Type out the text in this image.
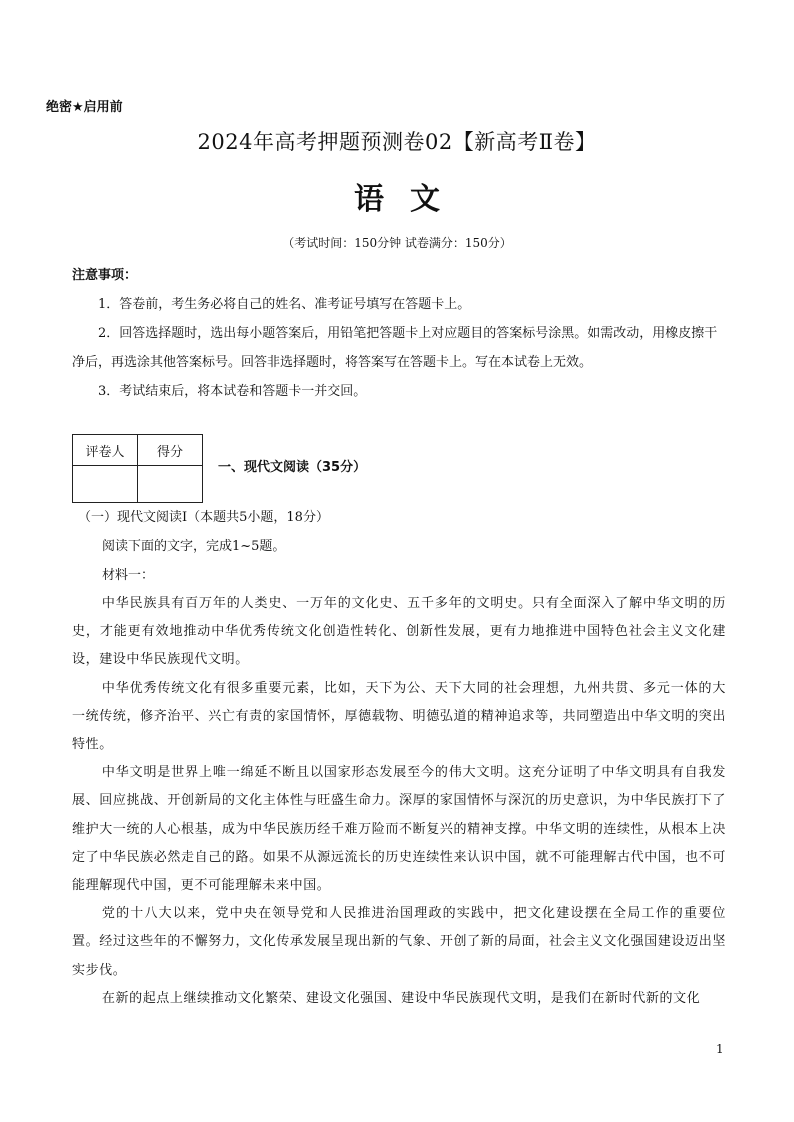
绝密★启用前
2024年高考押题预测卷02【新高考Ⅱ卷】
语文
（考试时间：150分钟 试卷满分：150分）
注意事项：

1．答卷前，考生务必将自己的姓名、准考证号填写在答题卡上。

2．回答选择题时，选出每小题答案后，用铅笔把答题卡上对应题目的答案标号涂黑。如需改动，用橡皮擦干净后，再选涂其他答案标号。回答非选择题时，将答案写在答题卡上。写在本试卷上无效。

3．考试结束后，将本试卷和答题卡一并交回。

评卷人	得分

一、现代文阅读（35分）
（一）现代文阅读Ⅰ（本题共5小题，18分）
阅读下面的文字，完成1~5题。
材料一：

中华民族具有百万年的人类史、一万年的文化史、五千多年的文明史。只有全面深入了解中华文明的历史，才能更有效地推动中华优秀传统文化创造性转化、创新性发展，更有力地推进中国特色社会主义文化建设，建设中华民族现代文明。

中华优秀传统文化有很多重要元素，比如，天下为公、天下大同的社会理想，九州共贯、多元一体的大一统传统，修齐治平、兴亡有责的家国情怀，厚德载物、明德弘道的精神追求等，共同塑造出中华文明的突出特性。

中华文明是世界上唯一绵延不断且以国家形态发展至今的伟大文明。这充分证明了中华文明具有自我发展、回应挑战、开创新局的文化主体性与旺盛生命力。深厚的家国情怀与深沉的历史意识，为中华民族打下了维护大一统的人心根基，成为中华民族历经千难万险而不断复兴的精神支撑。中华文明的连续性，从根本上决定了中华民族必然走自己的路。如果不从源远流长的历史连续性来认识中国，就不可能理解古代中国，也不可能理解现代中国，更不可能理解未来中国。

党的十八大以来，党中央在领导党和人民推进治国理政的实践中，把文化建设摆在全局工作的重要位置。经过这些年的不懈努力，文化传承发展呈现出新的气象、开创了新的局面，社会主义文化强国建设迈出坚实步伐。

在新的起点上继续推动文化繁荣、建设文化强国、建设中华民族现代文明，是我们在新时代新的文化

1
